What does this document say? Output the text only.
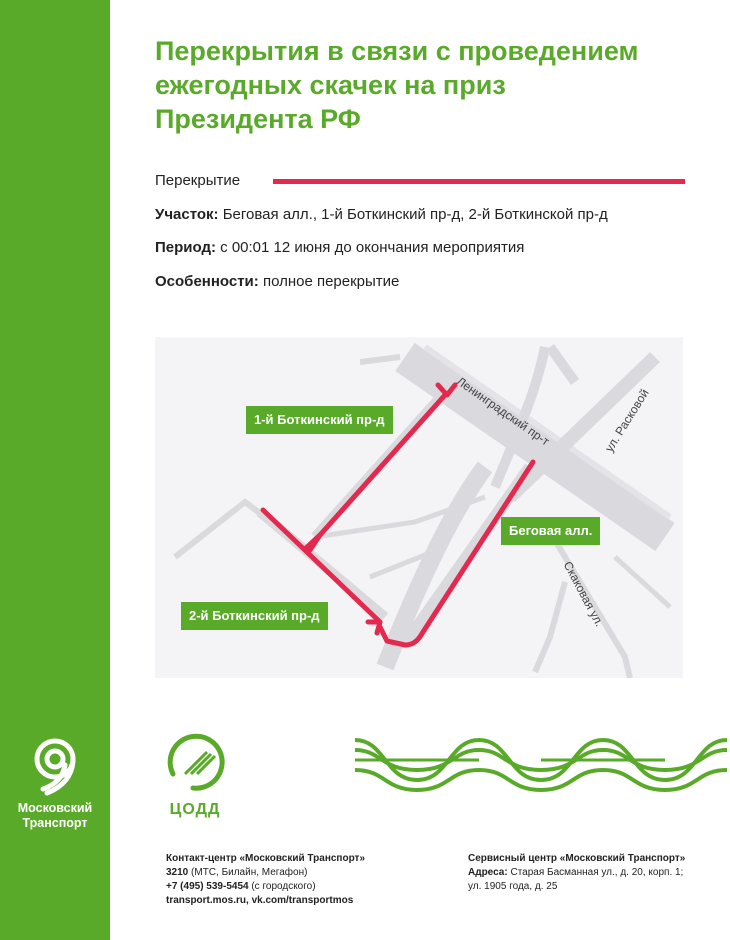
Московский
Транспорт
Перекрытия в связи с проведением
ежегодных скачек на приз
Президента РФ
Перекрытие
Участок: Беговая алл., 1-й Боткинский пр-д, 2-й Боткинской пр-д
Период: с 00:01 12 июня до окончания мероприятия
Особенности: полное перекрытие
Ленинградский пр-т	ул. Расковой
Скаковая ул.
1-й Боткинский пр-д
Беговая алл.
2-й Боткинский пр-д
ЦОДД
Контакт-центр «Московский Транспорт»
3210 (МТС, Билайн, Мегафон)
+7 (495) 539-5454 (с городского)
transport.mos.ru, vk.com/transportmos
Сервисный центр «Московский Транспорт»
Адреса: Старая Басманная ул., д. 20, корп. 1;
ул. 1905 года, д. 25
